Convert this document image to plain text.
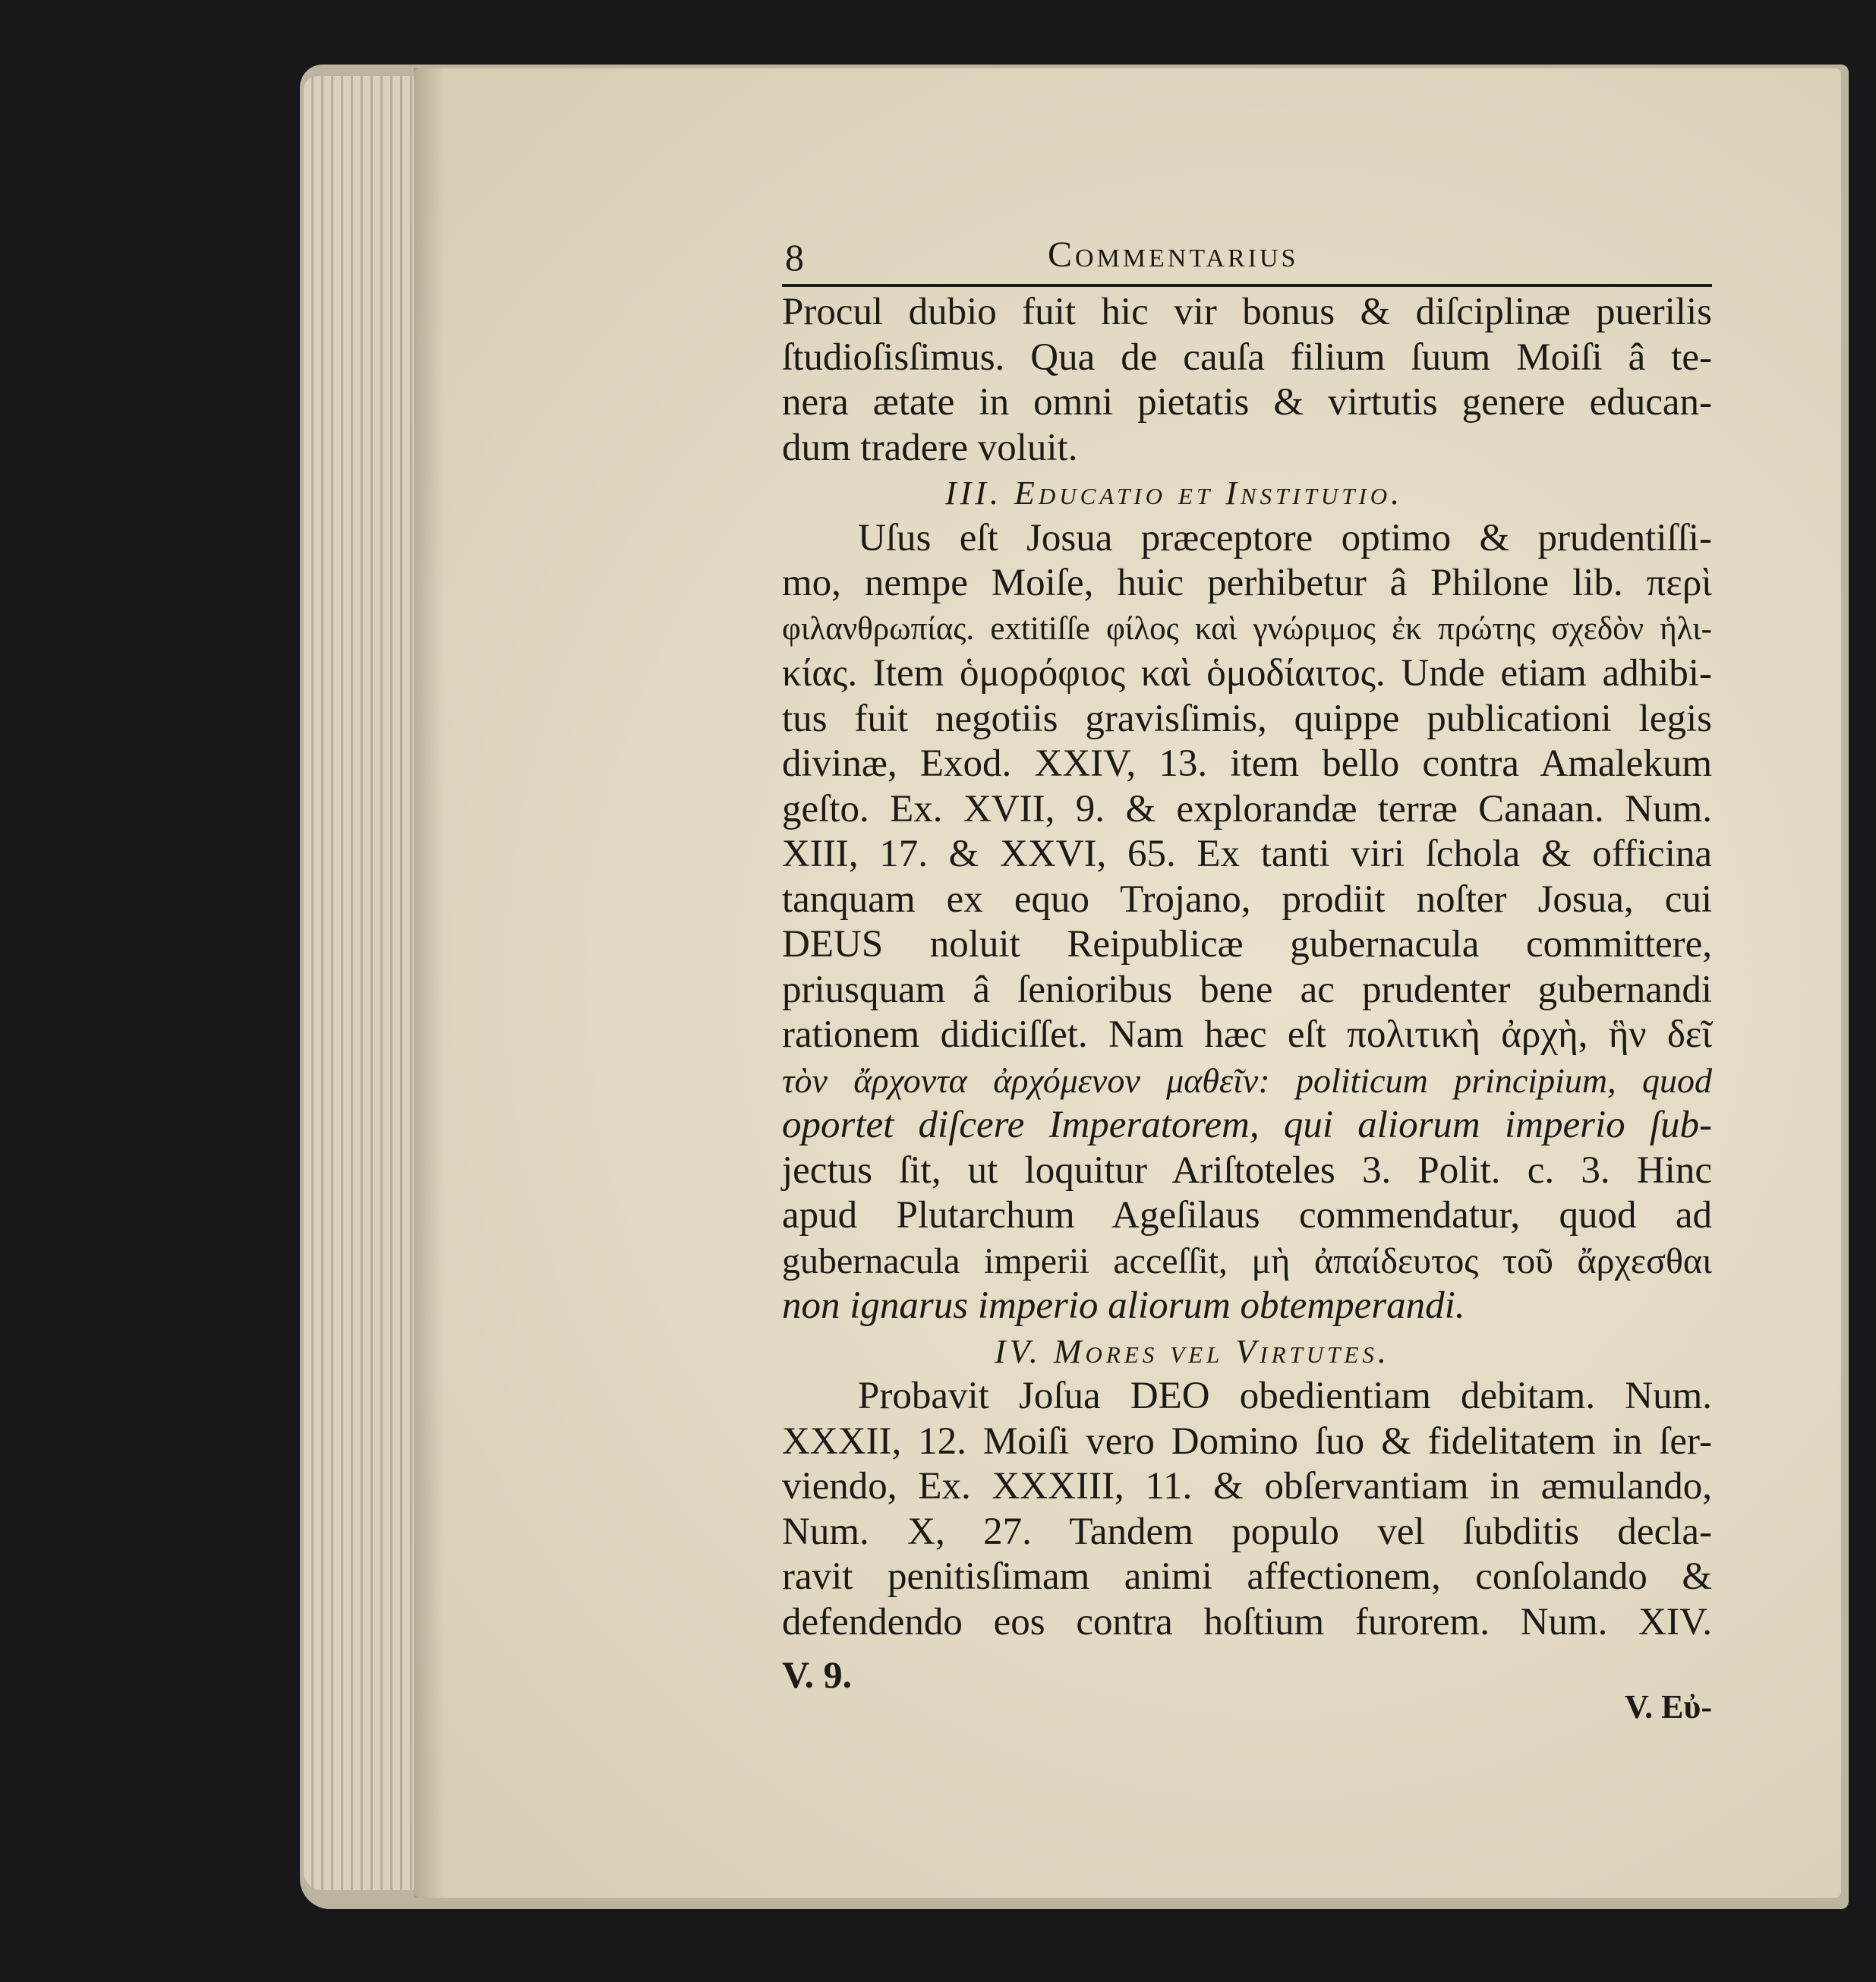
8	Commentarius
Procul dubio fuit hic vir bonus & diſciplinæ puerilis
ſtudioſisſimus. Qua de cauſa filium ſuum Moiſi â te-
nera ætate in omni pietatis & virtutis genere educan-
dum tradere voluit.
III. Educatio et Institutio.
Uſus eſt Josua præceptore optimo & prudentiſſi-
mo, nempe Moiſe, huic perhibetur â Philone lib. περὶ
φιλανθρωπίας. extitiſſe φίλος καὶ γνώριμος ἐκ πρώτης σχεδὸν ἡλι-
κίας. Item ὁμορόφιος καὶ ὁμοδίαιτος. Unde etiam adhibi-
tus fuit negotiis gravisſimis, quippe publicationi legis
divinæ, Exod. XXIV, 13. item bello contra Amalekum
geſto. Ex. XVII, 9. & explorandæ terræ Canaan. Num.
XIII, 17. & XXVI, 65. Ex tanti viri ſchola & officina
tanquam ex equo Trojano, prodiit noſter Josua, cui
DEUS noluit Reipublicæ gubernacula committere,
priusquam â ſenioribus bene ac prudenter gubernandi
rationem didiciſſet. Nam hæc eſt πολιτικὴ ἀρχὴ, ἣν δεῖ
τὸν ἄρχοντα ἀρχόμενον μαθεῖν: politicum principium, quod
oportet diſcere Imperatorem, qui aliorum imperio ſub-
jectus ſit, ut loquitur Ariſtoteles 3. Polit. c. 3. Hinc
apud Plutarchum Ageſilaus commendatur, quod ad
gubernacula imperii acceſſit, μὴ ἀπαίδευτος τοῦ ἄρχεσθαι
non ignarus imperio aliorum obtemperandi.
IV. Mores vel Virtutes.
Probavit Joſua DEO obedientiam debitam. Num.
XXXII, 12. Moiſi vero Domino ſuo & fidelitatem in ſer-
viendo, Ex. XXXIII, 11. & obſervantiam in æmulando,
Num. X, 27. Tandem populo vel ſubditis decla-
ravit penitisſimam animi affectionem, conſolando &
defendendo eos contra hoſtium furorem. Num. XIV.
V. 9.
V. Εὐ-
